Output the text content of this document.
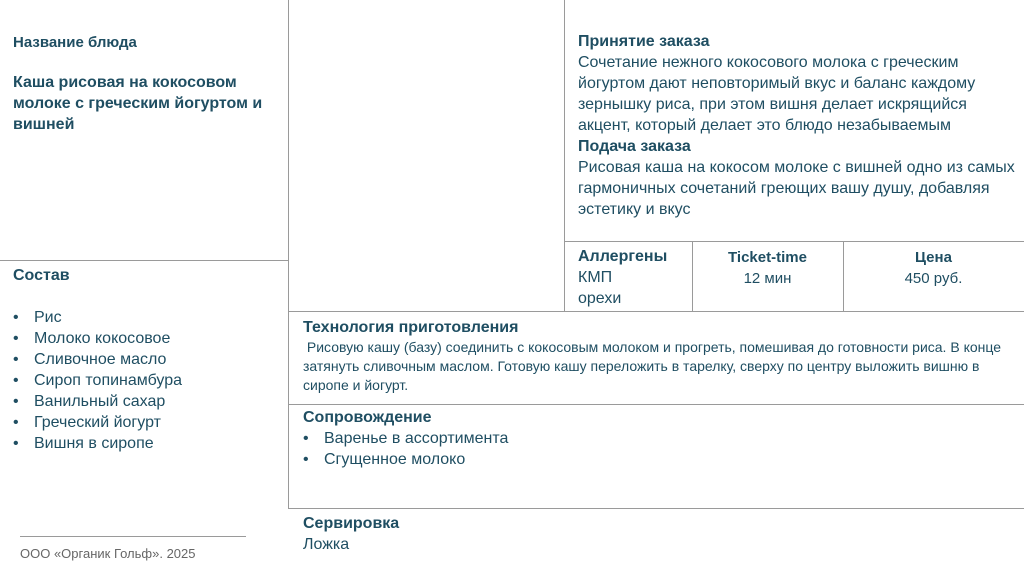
Название блюда
Каша рисовая на кокосовом молоке с греческим йогуртом и вишней
Состав
• Рис
• Молоко кокосовое
• Сливочное масло
• Сироп топинамбура
• Ванильный сахар
• Греческий йогурт
• Вишня в сиропе
Принятие заказа
Сочетание нежного кокосового молока с греческим йогуртом дают неповторимый вкус и баланс каждому зернышку риса, при этом вишня делает искрящийся акцент, который делает это блюдо незабываемым
Подача заказа
Рисовая каша на кокосом молоке с вишней одно из самых гармоничных сочетаний греющих вашу душу, добавляя эстетику и вкус
Аллергены
КМП
орехи
Ticket-time
12 мин
Цена
450 руб.
Технология приготовления
Рисовую кашу (базу) соединить с кокосовым молоком и прогреть, помешивая до готовности риса. В конце затянуть сливочным маслом. Готовую кашу переложить в тарелку, сверху по центру выложить вишню в сиропе и йогурт.
Сопровождение
• Варенье в ассортимента
• Сгущенное молоко
Сервировка
Ложка
ООО «Органик Гольф». 2025
